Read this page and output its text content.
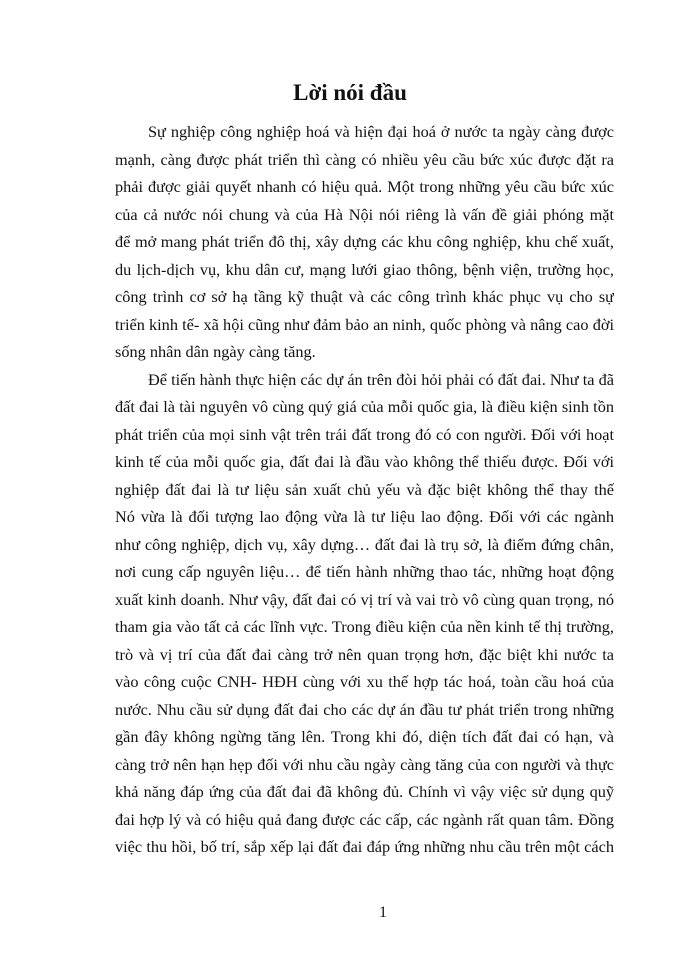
Lời nói đầu
Sự nghiệp công nghiệp hoá và hiện đại hoá ở nước ta ngày càng được
mạnh, càng được phát triển thì càng có nhiều yêu cầu bức xúc được đặt ra
phải được giải quyết nhanh có hiệu quả. Một trong những yêu cầu bức xúc
của cả nước nói chung và của Hà Nội nói riêng là vấn đề giải phóng mặt
để mở mang phát triển đô thị, xây dựng các khu công nghiệp, khu chế xuất,
du lịch-dịch vụ, khu dân cư, mạng lưới giao thông, bệnh viện, trường học,
công trình cơ sở hạ tầng kỹ thuật và các công trình khác phục vụ cho sự
triển kinh tế- xã hội cũng như đảm bảo an ninh, quốc phòng và nâng cao đời
sống nhân dân ngày càng tăng.
Để tiến hành thực hiện các dự án trên đòi hỏi phải có đất đai. Như ta đã
đất đai là tài nguyên vô cùng quý giá của mỗi quốc gia, là điều kiện sinh tồn
phát triển của mọi sinh vật trên trái đất trong đó có con người. Đối với hoạt
kinh tế của mỗi quốc gia, đất đai là đầu vào không thể thiếu được. Đối với
nghiệp đất đai là tư liệu sản xuất chủ yếu và đặc biệt không thể thay thế
Nó vừa là đối tượng lao động vừa là tư liệu lao động. Đối với các ngành
như công nghiệp, dịch vụ, xây dựng… đất đai là trụ sở, là điểm đứng chân,
nơi cung cấp nguyên liệu… để tiến hành những thao tác, những hoạt động
xuất kinh doanh. Như vậy, đất đai có vị trí và vai trò vô cùng quan trọng, nó
tham gia vào tất cả các lĩnh vực. Trong điều kiện của nền kinh tế thị trường,
trò và vị trí của đất đai càng trở nên quan trọng hơn, đặc biệt khi nước ta
vào công cuộc CNH- HĐH cùng với xu thế hợp tác hoá, toàn cầu hoá của
nước. Nhu cầu sử dụng đất đai cho các dự án đầu tư phát triển trong những
gần đây không ngừng tăng lên. Trong khi đó, diện tích đất đai có hạn, và
càng trở nên hạn hẹp đối với nhu cầu ngày càng tăng của con người và thực
khả năng đáp ứng của đất đai đã không đủ. Chính vì vậy việc sử dụng quỹ
đai hợp lý và có hiệu quả đang được các cấp, các ngành rất quan tâm. Đồng
việc thu hồi, bố trí, sắp xếp lại đất đai đáp ứng những nhu cầu trên một cách
1
